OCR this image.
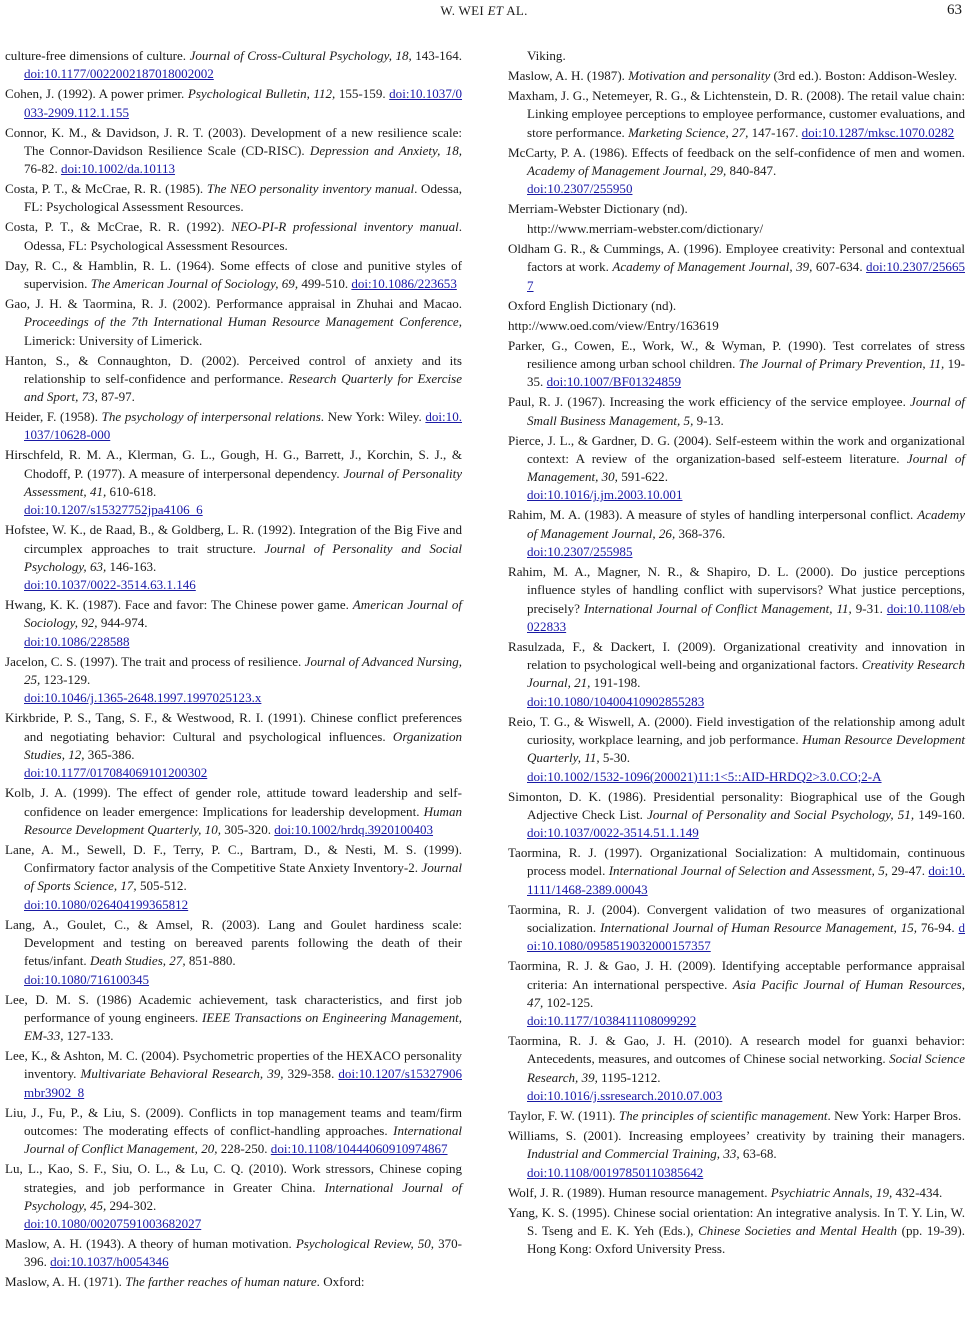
W. WEI ET AL.	63

culture-free dimensions of culture. Journal of Cross-Cultural Psychology, 18, 143-164. doi:10.1177/0022002187018002002

Cohen, J. (1992). A power primer. Psychological Bulletin, 112, 155-159. doi:10.1037/0033-2909.112.1.155

Connor, K. M., & Davidson, J. R. T. (2003). Development of a new resilience scale: The Connor-Davidson Resilience Scale (CD-RISC). Depression and Anxiety, 18, 76-82. doi:10.1002/da.10113

Costa, P. T., & McCrae, R. R. (1985). The NEO personality inventory manual. Odessa, FL: Psychological Assessment Resources.

Costa, P. T., & McCrae, R. R. (1992). NEO-PI-R professional inventory manual. Odessa, FL: Psychological Assessment Resources.

Day, R. C., & Hamblin, R. L. (1964). Some effects of close and punitive styles of supervision. The American Journal of Sociology, 69, 499-510. doi:10.1086/223653

Gao, J. H. & Taormina, R. J. (2002). Performance appraisal in Zhuhai and Macao. Proceedings of the 7th International Human Resource Management Conference, Limerick: University of Limerick.

Hanton, S., & Connaughton, D. (2002). Perceived control of anxiety and its relationship to self-confidence and performance. Research Quarterly for Exercise and Sport, 73, 87-97.

Heider, F. (1958). The psychology of interpersonal relations. New York: Wiley. doi:10.1037/10628-000

Hirschfeld, R. M. A., Klerman, G. L., Gough, H. G., Barrett, J., Korchin, S. J., & Chodoff, P. (1977). A measure of interpersonal dependency. Journal of Personality Assessment, 41, 610-618.
doi:10.1207/s15327752jpa4106_6

Hofstee, W. K., de Raad, B., & Goldberg, L. R. (1992). Integration of the Big Five and circumplex approaches to trait structure. Journal of Personality and Social Psychology, 63, 146-163.
doi:10.1037/0022-3514.63.1.146

Hwang, K. K. (1987). Face and favor: The Chinese power game. American Journal of Sociology, 92, 944-974.
doi:10.1086/228588

Jacelon, C. S. (1997). The trait and process of resilience. Journal of Advanced Nursing, 25, 123-129.
doi:10.1046/j.1365-2648.1997.1997025123.x

Kirkbride, P. S., Tang, S. F., & Westwood, R. I. (1991). Chinese conflict preferences and negotiating behavior: Cultural and psychological influences. Organization Studies, 12, 365-386.
doi:10.1177/017084069101200302

Kolb, J. A. (1999). The effect of gender role, attitude toward leadership and self-confidence on leader emergence: Implications for leadership development. Human Resource Development Quarterly, 10, 305-320. doi:10.1002/hrdq.3920100403

Lane, A. M., Sewell, D. F., Terry, P. C., Bartram, D., & Nesti, M. S. (1999). Confirmatory factor analysis of the Competitive State Anxiety Inventory-2. Journal of Sports Science, 17, 505-512.
doi:10.1080/026404199365812

Lang, A., Goulet, C., & Amsel, R. (2003). Lang and Goulet hardiness scale: Development and testing on bereaved parents following the death of their fetus/infant. Death Studies, 27, 851-880.
doi:10.1080/716100345

Lee, D. M. S. (1986) Academic achievement, task characteristics, and first job performance of young engineers. IEEE Transactions on Engineering Management, EM-33, 127-133.

Lee, K., & Ashton, M. C. (2004). Psychometric properties of the HEXACO personality inventory. Multivariate Behavioral Research, 39, 329-358. doi:10.1207/s15327906mbr3902_8

Liu, J., Fu, P., & Liu, S. (2009). Conflicts in top management teams and team/firm outcomes: The moderating effects of conflict-handling approaches. International Journal of Conflict Management, 20, 228-250. doi:10.1108/10444060910974867

Lu, L., Kao, S. F., Siu, O. L., & Lu, C. Q. (2010). Work stressors, Chinese coping strategies, and job performance in Greater China. International Journal of Psychology, 45, 294-302.
doi:10.1080/00207591003682027

Maslow, A. H. (1943). A theory of human motivation. Psychological Review, 50, 370-396. doi:10.1037/h0054346

Maslow, A. H. (1971). The farther reaches of human nature. Oxford:

Viking.

Maslow, A. H. (1987). Motivation and personality (3rd ed.). Boston: Addison-Wesley.

Maxham, J. G., Netemeyer, R. G., & Lichtenstein, D. R. (2008). The retail value chain: Linking employee perceptions to employee performance, customer evaluations, and store performance. Marketing Science, 27, 147-167. doi:10.1287/mksc.1070.0282

McCarty, P. A. (1986). Effects of feedback on the self-confidence of men and women. Academy of Management Journal, 29, 840-847.
doi:10.2307/255950

Merriam-Webster Dictionary (nd).

http://www.merriam-webster.com/dictionary/

Oldham G. R., & Cummings, A. (1996). Employee creativity: Personal and contextual factors at work. Academy of Management Journal, 39, 607-634. doi:10.2307/256657

Oxford English Dictionary (nd).

http://www.oed.com/view/Entry/163619

Parker, G., Cowen, E., Work, W., & Wyman, P. (1990). Test correlates of stress resilience among urban school children. The Journal of Primary Prevention, 11, 19-35. doi:10.1007/BF01324859

Paul, R. J. (1967). Increasing the work efficiency of the service employee. Journal of Small Business Management, 5, 9-13.

Pierce, J. L., & Gardner, D. G. (2004). Self-esteem within the work and organizational context: A review of the organization-based self-esteem literature. Journal of Management, 30, 591-622.
doi:10.1016/j.jm.2003.10.001

Rahim, M. A. (1983). A measure of styles of handling interpersonal conflict. Academy of Management Journal, 26, 368-376.
doi:10.2307/255985

Rahim, M. A., Magner, N. R., & Shapiro, D. L. (2000). Do justice perceptions influence styles of handling conflict with supervisors? What justice perceptions, precisely? International Journal of Conflict Management, 11, 9-31. doi:10.1108/eb022833

Rasulzada, F., & Dackert, I. (2009). Organizational creativity and innovation in relation to psychological well-being and organizational factors. Creativity Research Journal, 21, 191-198.
doi:10.1080/10400410902855283

Reio, T. G., & Wiswell, A. (2000). Field investigation of the relationship among adult curiosity, workplace learning, and job performance. Human Resource Development Quarterly, 11, 5-30.
doi:10.1002/1532-1096(200021)11:1<5::AID-HRDQ2>3.0.CO;2-A

Simonton, D. K. (1986). Presidential personality: Biographical use of the Gough Adjective Check List. Journal of Personality and Social Psychology, 51, 149-160. doi:10.1037/0022-3514.51.1.149

Taormina, R. J. (1997). Organizational Socialization: A multidomain, continuous process model. International Journal of Selection and Assessment, 5, 29-47. doi:10.1111/1468-2389.00043

Taormina, R. J. (2004). Convergent validation of two measures of organizational socialization. International Journal of Human Resource Management, 15, 76-94. doi:10.1080/0958519032000157357

Taormina, R. J. & Gao, J. H. (2009). Identifying acceptable performance appraisal criteria: An international perspective. Asia Pacific Journal of Human Resources, 47, 102-125.
doi:10.1177/1038411108099292

Taormina, R. J. & Gao, J. H. (2010). A research model for guanxi behavior: Antecedents, measures, and outcomes of Chinese social networking. Social Science Research, 39, 1195-1212.
doi:10.1016/j.ssresearch.2010.07.003

Taylor, F. W. (1911). The principles of scientific management. New York: Harper Bros.

Williams, S. (2001). Increasing employees’ creativity by training their managers. Industrial and Commercial Training, 33, 63-68.
doi:10.1108/00197850110385642

Wolf, J. R. (1989). Human resource management. Psychiatric Annals, 19, 432-434.

Yang, K. S. (1995). Chinese social orientation: An integrative analysis. In T. Y. Lin, W. S. Tseng and E. K. Yeh (Eds.), Chinese Societies and Mental Health (pp. 19-39). Hong Kong: Oxford University Press.
